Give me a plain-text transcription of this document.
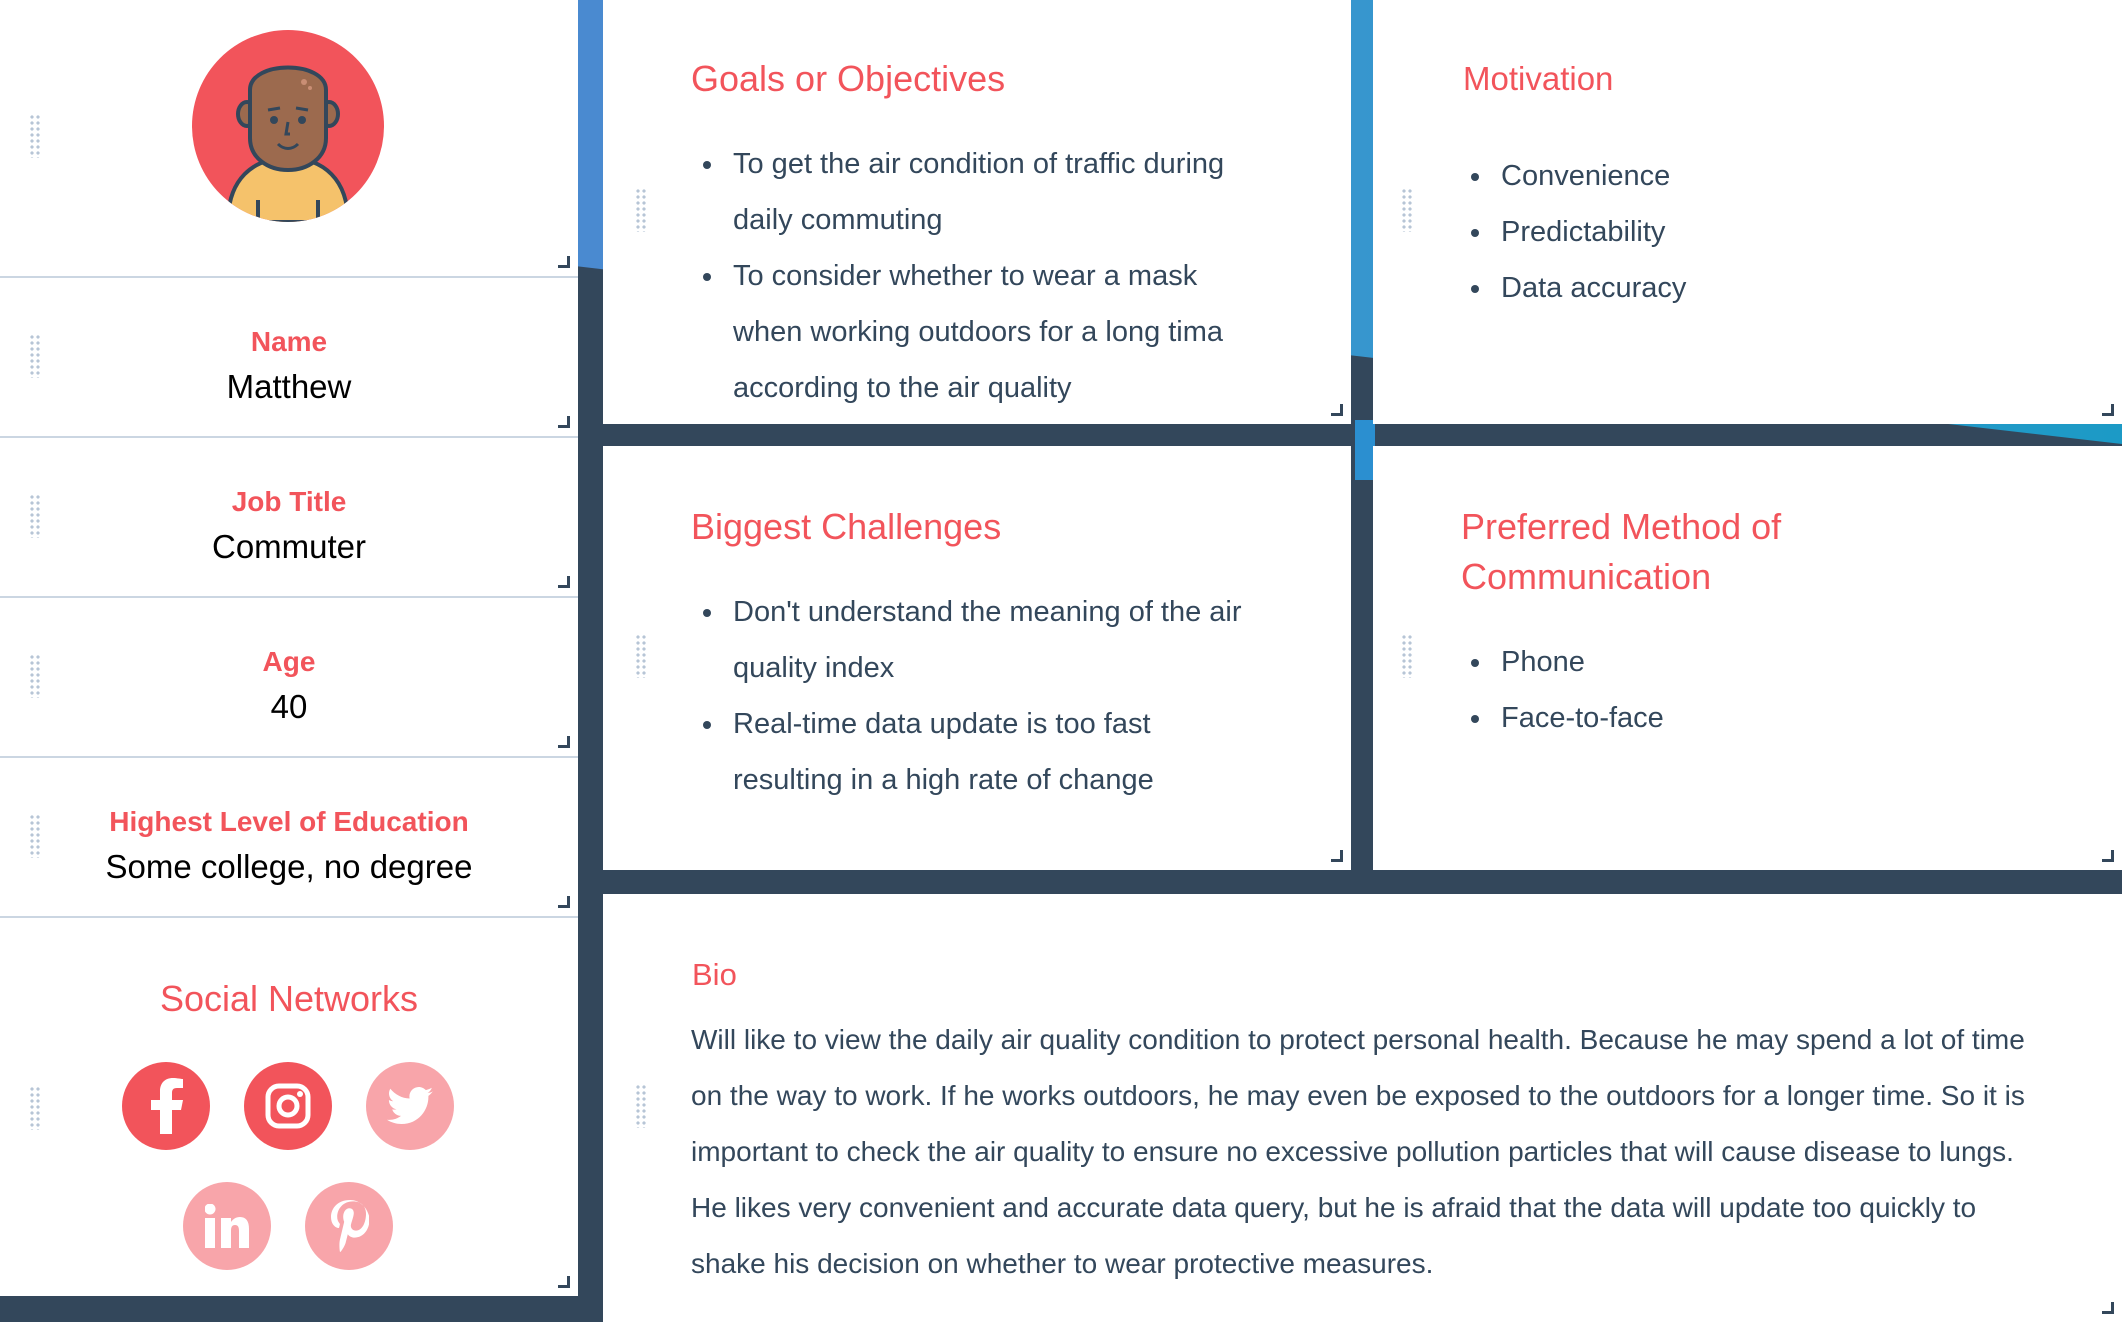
Name
Matthew
Job Title
Commuter
Age
40
Highest Level of Education
Some college, no degree
Social Networks
Goals or Objectives
To get the air condition of traffic during daily commuting
To consider whether to wear a mask when working outdoors for a long tima according to the air quality
Motivation
Convenience
Predictability
Data accuracy
Biggest Challenges
Don't understand the meaning of the air quality index
Real-time data update is too fast resulting in a high rate of change
Preferred Method of
Communication
Phone
Face-to-face
Bio
Will like to view the daily air quality condition to protect personal health. Because he may spend a lot of time on the way to work. If he works outdoors, he may even be exposed to the outdoors for a longer time. So it is important to check the air quality to ensure no excessive pollution particles that will cause disease to lungs. He likes very convenient and accurate data query, but he is afraid that the data will update too quickly to shake his decision on whether to wear protective measures.
